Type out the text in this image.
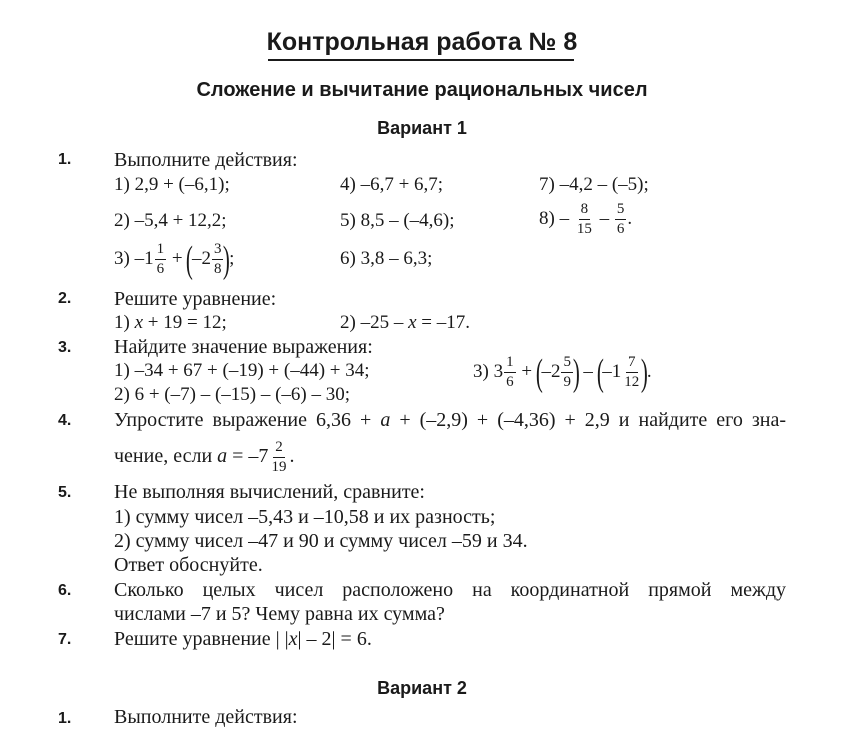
Контрольная работа № 8
Сложение и вычитание рациональных чисел
Вариант 1
1. Выполните действия:
1) 2,9 + (–6,1);	4) –6,7 + 6,7;	7) –4,2 – (–5);
2) –5,4 + 12,2;	5) 8,5 – (–4,6);	$8) - \frac{8}{15} - \frac{5}{6}$ .
3) $-1 \frac{1}{6} + (-2 \frac{3}{8}$ );	6) 3,8 – 6,3;
2. Решите уравнение:
1) x + 19 = 12;	2) –25 – x = –17.
3. Найдите значение выражения:
1) –34 + 67 + (–19) + (–44) + 34;
2) 6 + (–7) – (–15) – (–6) – 30;
3) $3 \frac{1}{6} + (-2 \frac{5}{9}$ ) – ($-1 \frac{7}{12}$ ).
4. Упростите выражение 6,36 + a + (–2,9) + (–4,36) + 2,9 и найдите его зна-
чение, если $a = -7 \frac{2}{19}$ .
5. Не выполняя вычислений, сравните:
1) сумму чисел –5,43 и –10,58 и их разность;
2) сумму чисел –47 и 90 и сумму чисел –59 и 34.
Ответ обоснуйте.
6. Сколько целых чисел расположено на координатной прямой между
числами –7 и 5? Чему равна их сумма?
7. Решите уравнение | |x| – 2| = 6.
Вариант 2
1. Выполните действия:
